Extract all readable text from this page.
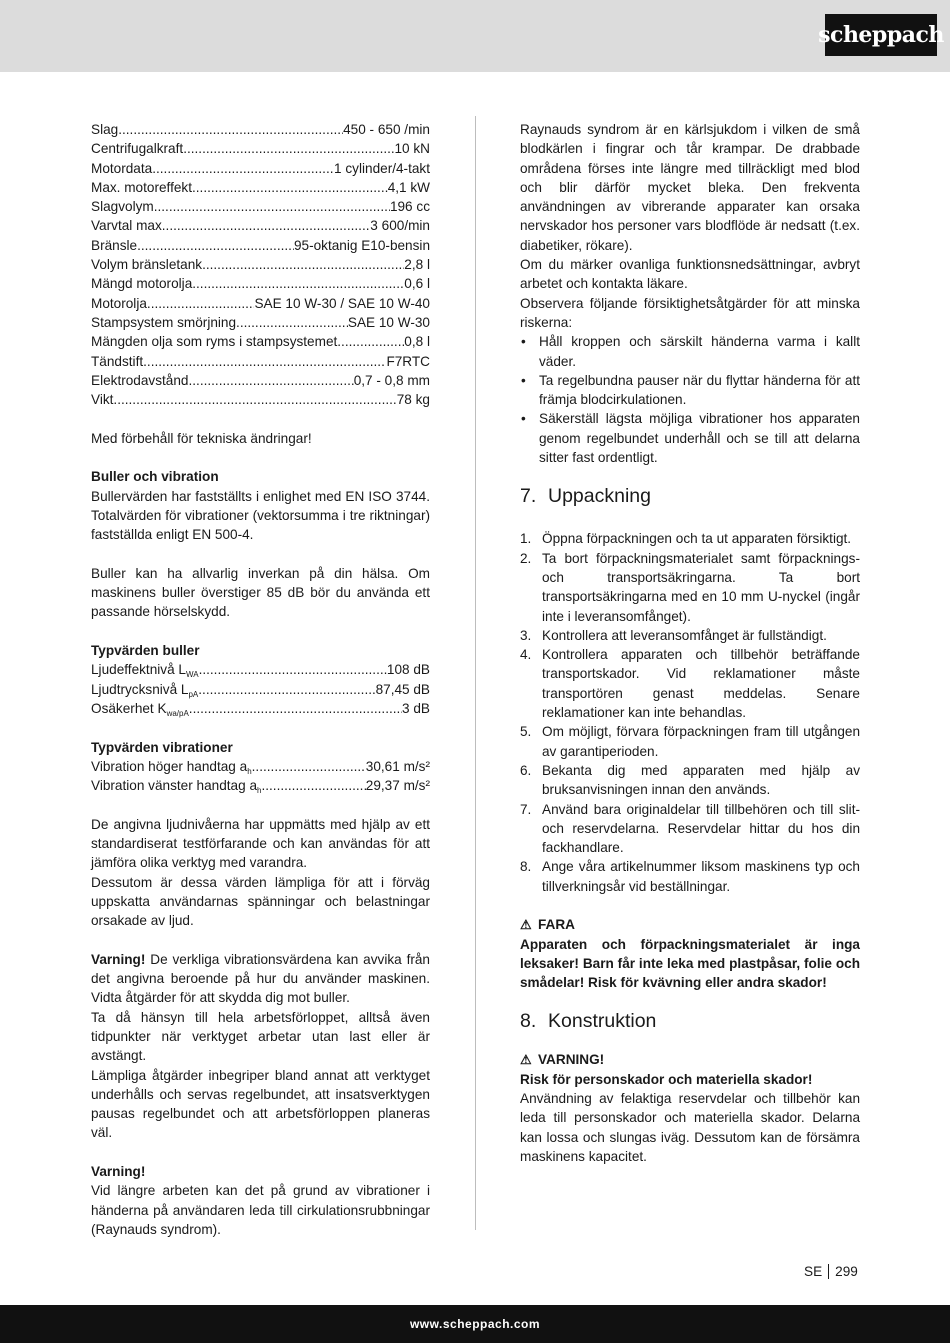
scheppach
Slag .....	450 - 650 /min
Centrifugalkraft .....	10 kN
Motordata .....	1 cylinder/4-takt
Max. motoreffekt .....	4,1 kW
Slagvolym .....	196 cc
Varvtal max. .....	3 600/min
Bränsle .....	95-oktanig E10-bensin
Volym bränsletank .....	2,8 l
Mängd motorolja .....	0,6 l
Motorolja .....	SAE 10 W-30 / SAE 10 W-40
Stampsystem smörjning .....	SAE 10 W-30
Mängden olja som ryms i stampsystemet .....	0,8 l
Tändstift .....	F7RTC
Elektrodavstånd .....	0,7 - 0,8 mm
Vikt .....	78 kg

Med förbehåll för tekniska ändringar!

Buller och vibration

Bullervärden har fastställts i enlighet med EN ISO 3744. Totalvärden för vibrationer (vektorsumma i tre riktningar) fastställda enligt EN 500-4.

Buller kan ha allvarlig inverkan på din hälsa. Om maskinens buller överstiger 85 dB bör du använda ett passande hörselskydd.

Typvärden buller

Ljudeffektnivå $L_{WA}$ .....	108 dB
Ljudtrycksnivå $L_{pA}$ .....	87,45 dB
Osäkerhet $K_{wa/pA}$ .....	3 dB

Typvärden vibrationer

Vibration höger handtag $a_h$ .....	30,61 m/s²
Vibration vänster handtag $a_h$ .....	29,37 m/s²

De angivna ljudnivåerna har uppmätts med hjälp av ett standardiserat testförfarande och kan användas för att jämföra olika verktyg med varandra.

Dessutom är dessa värden lämpliga för att i förväg uppskatta användarnas spänningar och belastningar orsakade av ljud.

Varning! De verkliga vibrationsvärdena kan avvika från det angivna beroende på hur du använder maskinen. Vidta åtgärder för att skydda dig mot buller.

Ta då hänsyn till hela arbetsförloppet, alltså även tidpunkter när verktyget arbetar utan last eller är avstängt.

Lämpliga åtgärder inbegriper bland annat att verktyget underhålls och servas regelbundet, att insatsverktygen pausas regelbundet och att arbetsförloppen planeras väl.

Varning!

Vid längre arbeten kan det på grund av vibrationer i händerna på användaren leda till cirkulationsrubbningar (Raynauds syndrom).

Raynauds syndrom är en kärlsjukdom i vilken de små blodkärlen i fingrar och tår krampar. De drabbade områdena förses inte längre med tillräckligt med blod och blir därför mycket bleka. Den frekventa användningen av vibrerande apparater kan orsaka nervskador hos personer vars blodflöde är nedsatt (t.ex. diabetiker, rökare).

Om du märker ovanliga funktionsnedsättningar, avbryt arbetet och kontakta läkare.

Observera följande försiktighetsåtgärder för att minska riskerna:

• Håll kroppen och särskilt händerna varma i kallt väder.
• Ta regelbundna pauser när du flyttar händerna för att främja blodcirkulationen.
• Säkerställ lägsta möjliga vibrationer hos apparaten genom regelbundet underhåll och se till att delarna sitter fast ordentligt.
7. Uppackning
1. Öppna förpackningen och ta ut apparaten försiktigt.
2. Ta bort förpackningsmaterialet samt förpacknings- och transportsäkringarna. Ta bort transportsäkringarna med en 10 mm U-nyckel (ingår inte i leveransomfånget).
3. Kontrollera att leveransomfånget är fullständigt.
4. Kontrollera apparaten och tillbehör beträffande transportskador. Vid reklamationer måste transportören genast meddelas. Senare reklamationer kan inte behandlas.
5. Om möjligt, förvara förpackningen fram till utgången av garantiperioden.
6. Bekanta dig med apparaten med hjälp av bruksanvisningen innan den används.
7. Använd bara originaldelar till tillbehören och till slit- och reservdelarna. Reservdelar hittar du hos din fackhandlare.
8. Ange våra artikelnummer liksom maskinens typ och tillverkningsår vid beställningar.
⚠ FARA

Apparaten och förpackningsmaterialet är inga leksaker! Barn får inte leka med plastpåsar, folie och smådelar! Risk för kvävning eller andra skador!

8. Konstruktion
⚠ VARNING!

Risk för personskador och materiella skador!

Användning av felaktiga reservdelar och tillbehör kan leda till personskador och materiella skador. Delarna kan lossa och slungas iväg. Dessutom kan de försämra maskinens kapacitet.

SE 299
www.scheppach.com
